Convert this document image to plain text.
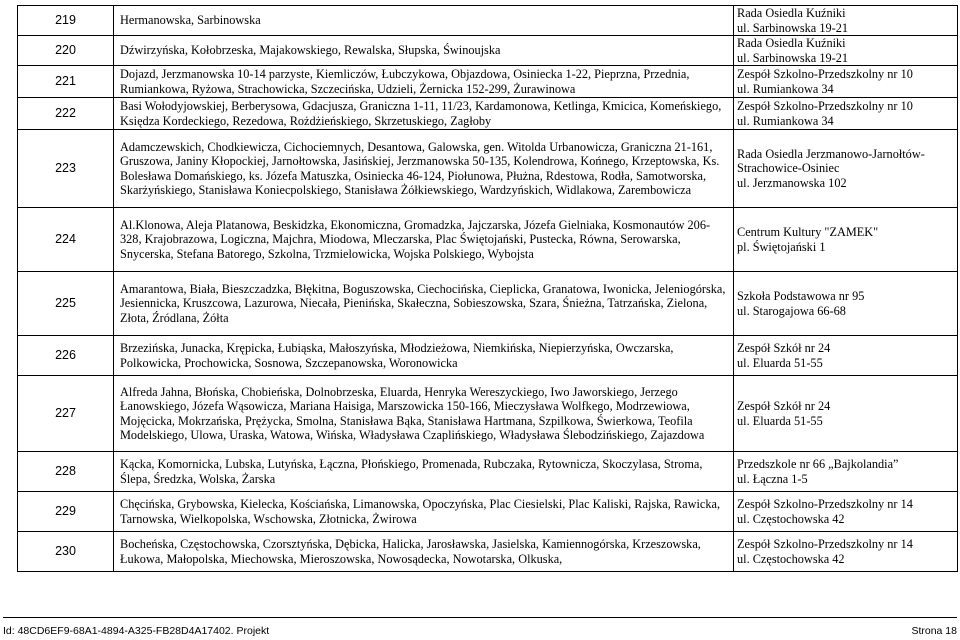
219	Hermanowska, Sarbinowska	Rada Osiedla Kuźniki
ul. Sarbinowska 19-21

220	Dźwirzyńska, Kołobrzeska, Majakowskiego, Rewalska, Słupska, Świnoujska	Rada Osiedla Kuźniki
ul. Sarbinowska 19-21

221	Dojazd, Jerzmanowska 10-14 parzyste, Kiemliczów, Łubczykowa, Objazdowa, Osiniecka 1-22, Pieprzna, Przednia, Rumiankowa, Ryżowa, Strachowicka, Szczecińska, Udzieli, Żernicka 152-299, Żurawinowa	Zespół Szkolno-Przedszkolny nr 10
ul. Rumiankowa 34

222	Basi Wołodyjowskiej, Berberysowa, Gdacjusza, Graniczna 1-11, 11/23, Kardamonowa, Ketlinga, Kmicica, Komeńskiego, Księdza Kordeckiego, Rezedowa, Rożdżieńskiego, Skrzetuskiego, Zagłoby	Zespół Szkolno-Przedszkolny nr 10
ul. Rumiankowa 34

223	Adamczewskich, Chodkiewicza, Cichociemnych, Desantowa, Galowska, gen. Witolda Urbanowicza, Graniczna 21-161, Gruszowa, Janiny Kłopockiej, Jarnołtowska, Jasińskiej, Jerzmanowska 50-135, Kolendrowa, Końnego, Krzeptowska, Ks. Bolesława Domańskiego, ks. Józefa Matuszka, Osiniecka 46-124, Piołunowa, Płużna, Rdestowa, Rodła, Samotworska, Skarżyńskiego, Stanisława Koniecpolskiego, Stanisława Żółkiewskiego, Wardzyńskich, Widlakowa, Zarembowicza	Rada Osiedla Jerzmanowo-Jarnołtów-Strachowice-Osiniec
ul. Jerzmanowska 102

224	Al.Klonowa, Aleja Platanowa, Beskidzka, Ekonomiczna, Gromadzka, Jajczarska, Józefa Gielniaka, Kosmonautów 206-328, Krajobrazowa, Logiczna, Majchra, Miodowa, Mleczarska, Plac Świętojański, Pustecka, Równa, Serowarska, Snycerska, Stefana Batorego, Szkolna, Trzmielowicka, Wojska Polskiego, Wybojsta	Centrum Kultury "ZAMEK"
pl. Świętojański 1

225	Amarantowa, Biała, Bieszczadzka, Błękitna, Boguszowska, Ciechocińska, Cieplicka, Granatowa, Iwonicka, Jeleniogórska, Jesiennicka, Kruszcowa, Lazurowa, Niecała, Pienińska, Skałeczna, Sobieszowska, Szara, Śnieżna, Tatrzańska, Zielona, Złota, Źródlana, Żółta	Szkoła Podstawowa nr 95
ul. Starogajowa 66-68

226	Brzezińska, Junacka, Krępicka, Łubiąska, Małoszyńska, Młodzieżowa, Niemkińska, Niepierzyńska, Owczarska, Polkowicka, Prochowicka, Sosnowa, Szczepanowska, Woronowicka	Zespół Szkół nr 24
ul. Eluarda 51-55

227	Alfreda Jahna, Błońska, Chobieńska, Dolnobrzeska, Eluarda, Henryka Wereszyckiego, Iwo Jaworskiego, Jerzego Łanowskiego, Józefa Wąsowicza, Mariana Haisiga, Marszowicka 150-166, Mieczysława Wolfkego, Modrzewiowa, Mojęcicka, Mokrzańska, Prężycka, Smolna, Stanisława Bąka, Stanisława Hartmana, Szpilkowa, Świerkowa, Teofila Modelskiego, Ulowa, Uraska, Watowa, Wińska, Władysława Czaplińskiego, Władysława Ślebodzińskiego, Zajazdowa	Zespół Szkół nr 24
ul. Eluarda 51-55

228	Kącka, Komornicka, Lubska, Lutyńska, Łączna, Płońskiego, Promenada, Rubczaka, Rytownicza, Skoczylasa, Stroma, Ślepa, Średzka, Wolska, Żarska	Przedszkole nr 66 „Bajkolandia”
ul. Łączna 1-5

229	Chęcińska, Grybowska, Kielecka, Kościańska, Limanowska, Opoczyńska, Plac Ciesielski, Plac Kaliski, Rajska, Rawicka, Tarnowska, Wielkopolska, Wschowska, Złotnicka, Żwirowa	Zespół Szkolno-Przedszkolny nr 14
ul. Częstochowska 42

230	Bocheńska, Częstochowska, Czorsztyńska, Dębicka, Halicka, Jarosławska, Jasielska, Kamiennogórska, Krzeszowska, Łukowa, Małopolska, Miechowska, Mieroszowska, Nowosądecka, Nowotarska, Olkuska,	Zespół Szkolno-Przedszkolny nr 14
ul. Częstochowska 42
Id: 48CD6EF9-68A1-4894-A325-FB28D4A17402. Projekt	Strona 18
